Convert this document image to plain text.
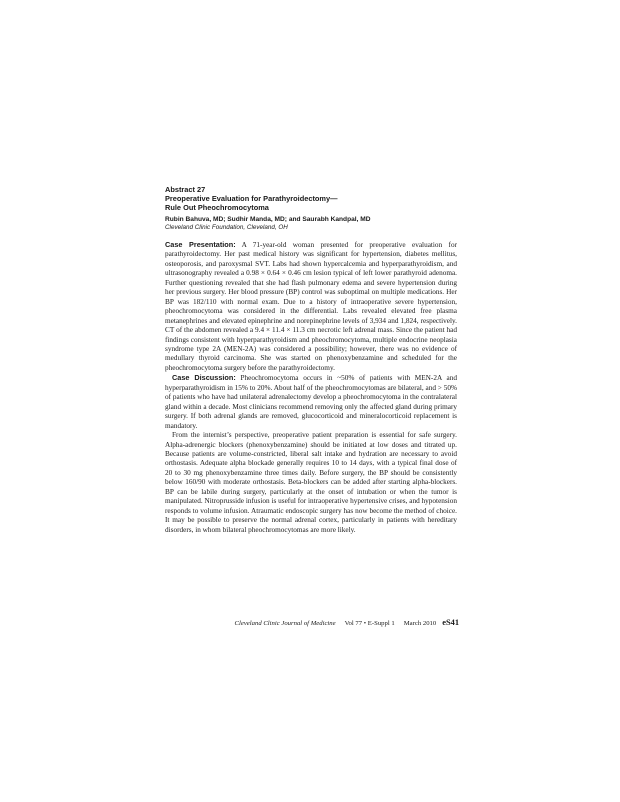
Abstract 27
Preoperative Evaluation for Parathyroidectomy—
Rule Out Pheochromocytoma
Rubin Bahuva, MD; Sudhir Manda, MD; and Saurabh Kandpal, MD
Cleveland Clinic Foundation, Cleveland, OH

Case Presentation: A 71-year-old woman presented for preoperative evaluation for parathyroidectomy. Her past medical history was significant for hypertension, diabetes mellitus, osteoporosis, and paroxysmal SVT. Labs had shown hypercalcemia and hyperparathyroidism, and ultrasonography revealed a 0.98 × 0.64 × 0.46 cm lesion typical of left lower parathyroid adenoma. Further questioning revealed that she had flash pulmonary edema and severe hypertension during her previous surgery. Her blood pressure (BP) control was suboptimal on multiple medications. Her BP was 182/110 with normal exam. Due to a history of intraoperative severe hypertension, pheochromocytoma was considered in the differential. Labs revealed elevated free plasma metanephrines and elevated epinephrine and norepinephrine levels of 3,934 and 1,824, respectively. CT of the abdomen revealed a 9.4 × 11.4 × 11.3 cm necrotic left adrenal mass. Since the patient had findings consistent with hyperparathyroidism and pheochromocytoma, multiple endocrine neoplasia syndrome type 2A (MEN-2A) was considered a possibility; however, there was no evidence of medullary thyroid carcinoma. She was started on phenoxybenzamine and scheduled for the pheochromocytoma surgery before the parathyroidectomy.

Case Discussion: Pheochromocytoma occurs in ~50% of patients with MEN-2A and hyperparathyroidism in 15% to 20%. About half of the pheochromocytomas are bilateral, and > 50% of patients who have had unilateral adrenalectomy develop a pheochromocytoma in the contralateral gland within a decade. Most clinicians recommend removing only the affected gland during primary surgery. If both adrenal glands are removed, glucocorticoid and mineralocorticoid replacement is mandatory.

From the internist’s perspective, preoperative patient preparation is essential for safe surgery. Alpha-adrenergic blockers (phenoxybenzamine) should be initiated at low doses and titrated up. Because patients are volume-constricted, liberal salt intake and hydration are necessary to avoid orthostasis. Adequate alpha blockade generally requires 10 to 14 days, with a typical final dose of 20 to 30 mg phenoxybenzamine three times daily. Before surgery, the BP should be consistently below 160/90 with moderate orthostasis. Beta-blockers can be added after starting alpha-blockers. BP can be labile during surgery, particularly at the onset of intubation or when the tumor is manipulated. Nitroprusside infusion is useful for intraoperative hypertensive crises, and hypotension responds to volume infusion. Atraumatic endoscopic surgery has now become the method of choice. It may be possible to preserve the normal adrenal cortex, particularly in patients with hereditary disorders, in whom bilateral pheochromocytomas are more likely.

Cleveland Clinic Journal of Medicine Vol 77
•
E-Suppl 1 March 2010 eS41
